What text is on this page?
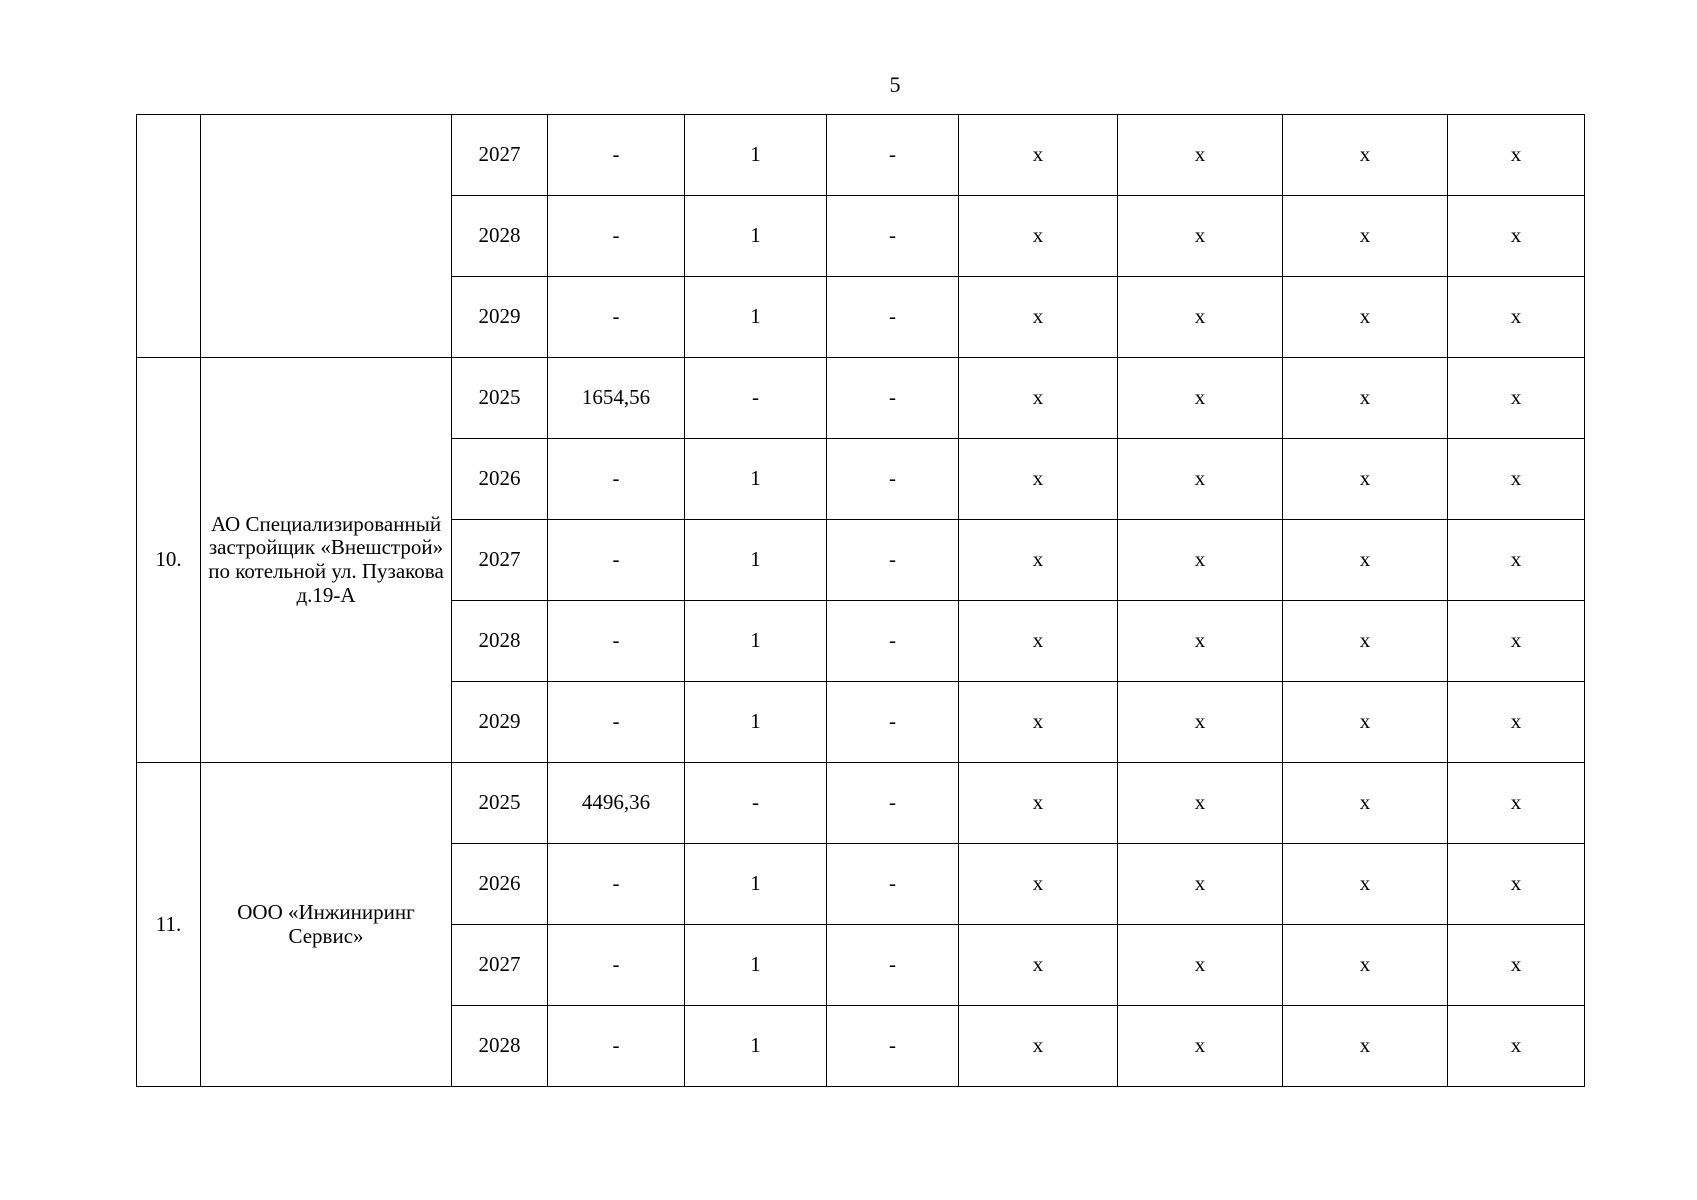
5
		2027	-	1	-	x	x	x	x
		2028	-	1	-	x	x	x	x
		2029	-	1	-	x	x	x	x
10.	АО Специализированный застройщик «Внешстрой» по котельной ул. Пузакова д.19-А	2025	1654,56	-	-	x	x	x	x
		2026	-	1	-	x	x	x	x
		2027	-	1	-	x	x	x	x
		2028	-	1	-	x	x	x	x
		2029	-	1	-	x	x	x	x
11.	ООО «Инжиниринг Сервис»	2025	4496,36	-	-	x	x	x	x
		2026	-	1	-	x	x	x	x
		2027	-	1	-	x	x	x	x
		2028	-	1	-	x	x	x	x
